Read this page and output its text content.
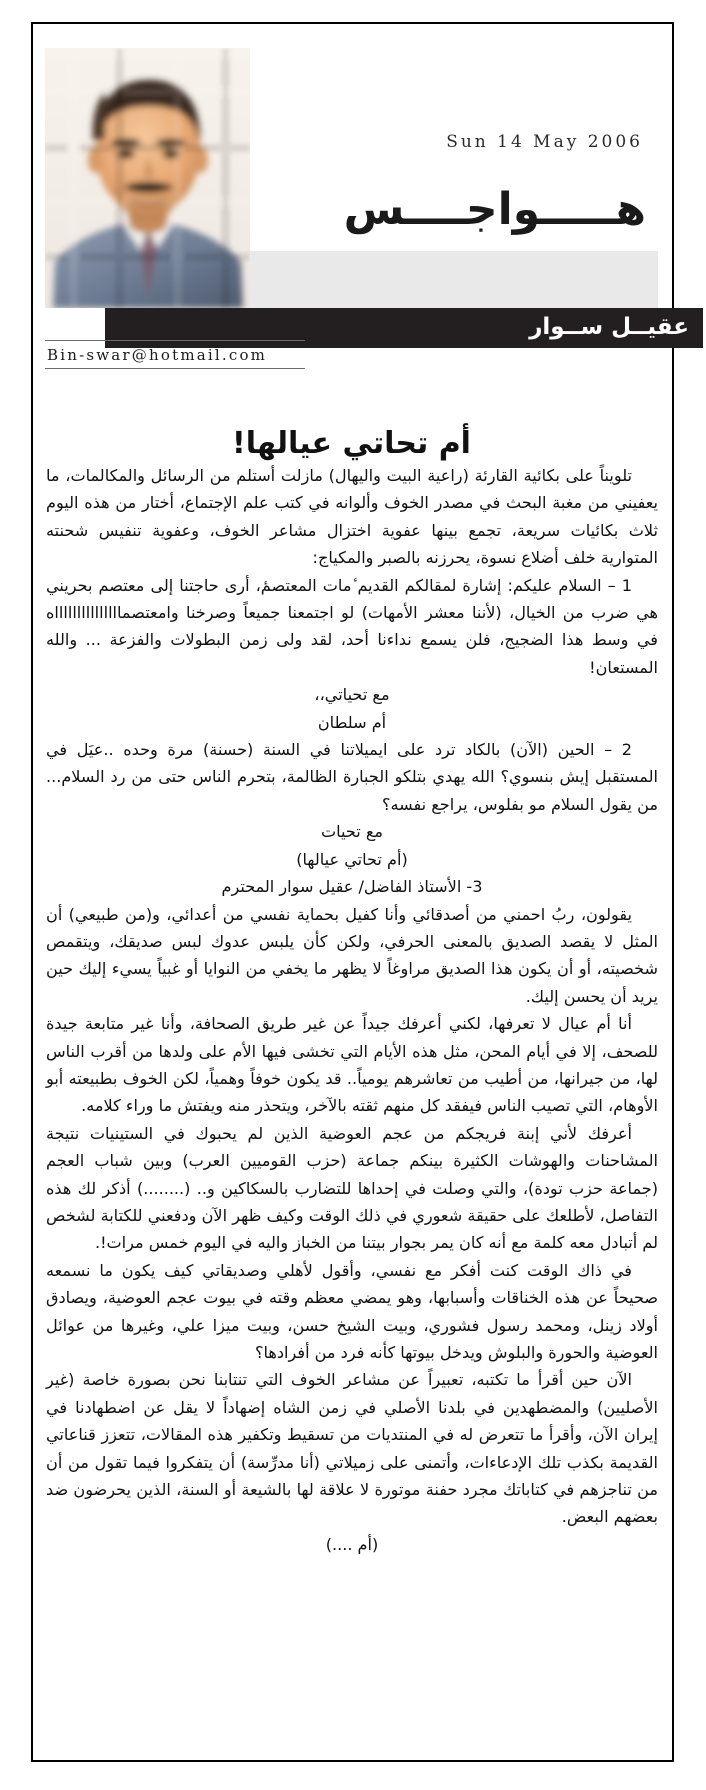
Sun 14 May 2006
هـــــواجــــس
عقيــل ســوار
Bin-swar@hotmail.com
أم تحاتي عيالها!

تلويناً على بكائية القارئة (راعية البيت واليهال) مازلت أستلم من الرسائل والمكالمات، ما يعفيني من مغبة البحث في مصدر الخوف وألوانه في كتب علم الإجتماع، أختار من هذه اليوم ثلاث بكائيات سريعة، تجمع بينها عفوية اختزال مشاعر الخوف، وعفوية تنفيس شحنته المتوارية خلف أضلاع نسوة، يحرزنه بالصبر والمكياج:

1 – السلام عليكم: إشارة لمقالكم القديم ٔمات المعتصمٔ، أرى حاجتنا إلى معتصم بحريني هي ضرب من الخيال، (لأننا معشر الأمهات) لو اجتمعنا جميعاً وصرخنا وامعتصماااااااااااااااه في وسط هذا الضجيج، فلن يسمع نداءنا أحد، لقد ولى زمن البطولات والفزعة ... والله المستعان!

مع تحياتي،،

أم سلطان

2 – الحين (الآن) بالكاد ترد على ايميلاتنا في السنة (حسنة) مرة وحده ..عيَل في المستقبل إيش بنسوي؟ الله يهدي بتلكو الجبارة الظالمة، بتحرم الناس حتى من رد السلام... من يقول السلام مو بفلوس، يراجع نفسه؟

مع تحيات

(أم تحاتي عيالها)

3- الأستاذ الفاضل/ عقيل سوار المحترم

يقولون، ربُ احمني من أصدقائي وأنا كفيل بحماية نفسي من أعدائي، و(من طبيعي) أن المثل لا يقصد الصديق بالمعنى الحرفي، ولكن كأن يلبس عدوك لبس صديقك، ويتقمص شخصيته، أو أن يكون هذا الصديق مراوغاً لا يظهر ما يخفي من النوايا أو غبياً يسيء إليك حين يريد أن يحسن إليك.

أنا أم عيال لا تعرفها، لكني أعرفك جيداً عن غير طريق الصحافة، وأنا غير متابعة جيدة للصحف، إلا في أيام المحن، مثل هذه الأيام التي تخشى فيها الأم على ولدها من أقرب الناس لها، من جيرانها، من أطيب من تعاشرهم يومياً.. قد يكون خوفاً وهمياً، لكن الخوف بطبيعته أبو الأوهام، التي تصيب الناس فيفقد كل منهم ثقته بالآخر، ويتحذر منه ويفتش ما وراء كلامه.

أعرفك لأني إبنة فريجكم من عجم العوضية الذين لم يحبوك في الستينيات نتيجة المشاحنات والهوشات الكثيرة بينكم جماعة (حزب القوميين العرب) وبين شباب العجم (جماعة حزب تودة)، والتي وصلت في إحداها للتضارب بالسكاكين و.. (........) أذكر لك هذه التفاصل، لأطلعك على حقيقة شعوري في ذلك الوقت وكيف ظهر الآن ودفعني للكتابة لشخص لم أتبادل معه كلمة مع أنه كان يمر بجوار بيتنا من الخباز واليه في اليوم خمس مرات!.

في ذاك الوقت كنت أفكر مع نفسي، وأقول لأهلي وصديقاتي كيف يكون ما نسمعه صحيحاً عن هذه الخناقات وأسبابها، وهو يمضي معظم وقته في بيوت عجم العوضية، ويصادق أولاد زينل، ومحمد رسول فشوري، وبيت الشيخ حسن، وبيت ميزا علي، وغيرها من عوائل العوضية والحورة والبلوش ويدخل بيوتها كأنه فرد من أفرادها؟

الآن حين أقرأ ما تكتبه، تعبيراً عن مشاعر الخوف التي تنتابنا نحن بصورة خاصة (غير الأصليين) والمضطهدين في بلدنا الأصلي في زمن الشاه إضهاداً لا يقل عن اضطهادنا في إيران الآن، وأقرأ ما تتعرض له في المنتديات من تسقيط وتكفير هذه المقالات، تتعزز قناعاتي القديمة بكذب تلك الإدعاءات، وأتمنى على زميلاتي (أنا مدرِّسة) أن يتفكروا فيما تقول من أن من تناجزهم في كتاباتك مجرد حفنة موتورة لا علاقة لها بالشيعة أو السنة، الذين يحرضون ضد بعضهم البعض.

(أم ....)
